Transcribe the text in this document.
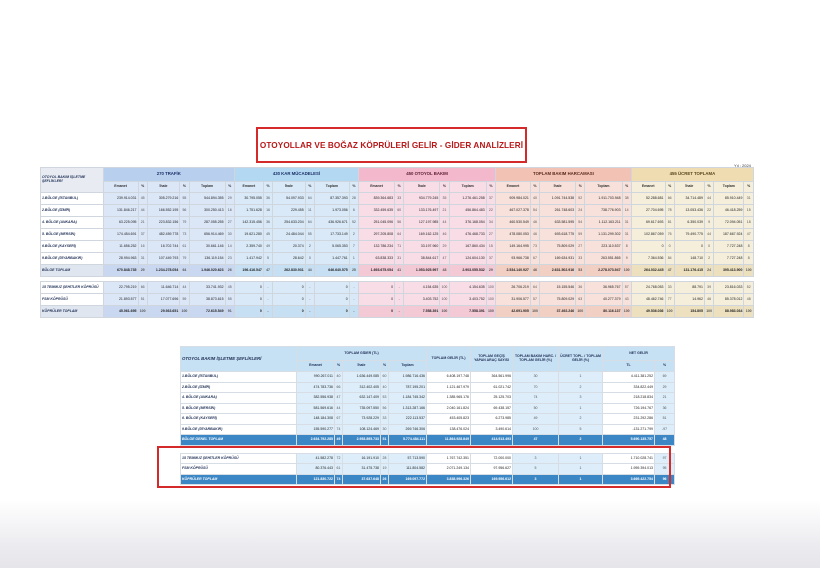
OTOYOLLAR VE BOĞAZ KÖPRÜLERİ GELİR - GİDER ANALİZLERİ
Yıl : 2024
OTOYOL BAKIM İŞLETME ŞEFLİKLERİ	270 TRAFİK						430 KAR MÜCADELESİ						450 OTOYOL BAKIM						TOPLAM BAKIM HARCAMASI						455 ÜCRET TOPLAMA					
	Emanet	%	İhale	%	Toplam	%	Emanet	%	İhale	%	Toplam	%	Emanet	%	İhale	%	Toplam	%	Emanet	%	İhale	%	Toplam	%	Emanet	%	İhale	%	Toplam	%
1.BÖLGE (İSTANBUL)	239.914.031	45	305.279.216	55	544.894.355	29	30.795.055	36	54.097.933	64	87.357.393	28	839.364.683	33	934.779.245	35	1.276.461.258	37	909.984.021	40	1.091.744.538	52	1.911.703.948	38	52.288.681	66	34.714.489	44	85.910.449	31
2.BÖLGE (İZMİR)	131.846.217	44	166.552.195	56	300.250.413	16	1.751.628	16	229.455	11	1.973.056	6	332.459.635	60	133.176.497	21	456.864.483	22	467.027.378	54	261.748.603	24	738.776.903	14	27.704.695	78	13.053.436	22	46.418.259	15
4. BÖLGE (ANKARA)	63.225.095	21	223.832.156	79	287.055.255	27	142.315.456	36	254.633.204	64	436.926.671	52	251.045.096	56	127.197.985	44	376.168.054	34	460.530.549	46	633.581.595	54	1.112.163.211	31	69.617.693	81	6.350.039	9	72.094.051	18
5. BÖLGE (MERSİN)	174.454.691	37	482.459.778	73	656.914.469	30	19.621.280	45	24.484.044	55	17.733.149	2	297.205.808	64	169.162.125	46	476.468.733	27	478.080.053	46	693.618.775	59	1.131.299.302	31	102.867.059	76	79.490.775	44	187.667.924	47
6.BÖLGE (KAYSERİ)	11.656.252	16	16.702.744	61	30.661.146	14	2.359.740	49	20.374	2	5.065.353	7	132.786.234	71	33.197.960	29	167.860.434	15	149.164.995	73	75.809.029	27	223.110.537	8	0	0	0	0	7.727.248	8
9.BÖLGE (DİYARBAKIR)	28.994.963	31	107.449.793	79	136.119.154	23	1.417.942	5	28.642	0	1.447.761	1	63.838.333	31	38.844.617	47	124.604.130	37	93.966.738	67	169.634.931	33	263.551.865	9	7.364.536	84	148.710	2	7.727.248	8
BÖLGE TOPLAM	670.848.735	29	1.234.278.054	64	1.946.020.623	26	196.416.547	47	262.830.931	44	646.640.575	25	1.693.675.054	41	1.053.925.997	48	2.903.055.532	29	2.534.140.927	46	2.631.502.916	53	2.278.073.947	100	264.032.445	47	131.176.415	24	395.413.900	100

15 TEMMUZ ŞEHİTLER KÖPRÜSÜ	22.795.219	66	11.646.714	44	33.741.932	45	0	-	0	-	0	-	0	-	4.154.635	100	4.154.635	100	26.706.219	64	15.155.546	36	36.965.767	57	24.768.053	33	88.791	39	23.816.033	52
FSM KÖPRÜSÜ	21.893.577	51	17.077.696	59	38.873.615	55	0	-	0	-	0	-	0	-	3.403.752	100	3.403.752	100	31.906.577	57	75.809.029	63	40.277.379	43	48.462.746	77	14.962	46	85.378.012	48
KÖPRÜLER TOPLAM	45.061.695	100	29.933.651	100	72.615.549	91	0	-	0	-	0	-	0	-	7.558.391	100	7.558.391	100	42.691.905	100	37.492.246	100	80.116.137	100	49.536.036	100	154.805	100	88.983.034	100
OTOYOL BAKIM İŞLETME ŞEFLİKLERİ	TOPLAM GİDER (TL)					TOPLAM GELİR (TL)	TOPLAM GEÇİŞ YAPAN ARAÇ SAYISI	TOPLAM BAKIM HARC. / TOPLAM GELİR (%)	ÜCRET TOPL. / TOPLAM GELİR (%)	NET GELİR	
	Emanet	%	İhale	%	Toplam					TL	%
1.BÖLGE (İSTANBUL)	990.267.011	40	1.636.449.085	60	1.986.716.436	6.408.197.748	364.561.996	30	1	4.411.381.252	69
2.BÖLGE (İZMİR)	474.783.736	66	312.402.405	40	787.195.201	1.121.467.979	61.021.742	70	2	334.822.449	29
4. BÖLGE (ANKARA)	382.556.938	47	632.147.409	53	1.184.745.342	1.385.965.176	25.125.703	74	3	218.218.834	21
5. BÖLGE (MERSİN)	581.569.616	44	735.097.550	56	1.313.287.166	2.040.161.824	69.438.157	50	1	726.194.767	36
6. BÖLGE (KAYSERİ)	148.184.308	67	73.928.229	33	222.113.537	453.405.823	6.273.985	49	2	231.292.286	51
9.BÖLGE (DİYARBAKIR)	155.590.277	74	108.124.469	30	269.746.306	138.476.024	3.490.614	100	5	-131.271.799	-97
BÖLGE GENEL TOPLAM	2.634.792.285	49	2.953.895.733	51	5.774.484.111	11.864.928.849	414.913.493	47	2	5.690.135.757	48

15 TEMMUZ ŞEHİTLER KÖPRÜSÜ	41.582.278	72	16.191.910	28	57.713.590	1.767.742.351	72.000.000	3	1	1.710.028.741	97
FSM KÖPRÜSÜ	80.376.443	61	31.475.738	19	111.804.582	2.071.249.134	97.956.627	5	1	1.959.394.013	95
KÖPRÜLER TOPLAM	121.830.722	74	37.637.648	26	169.097.772	3.838.996.326	169.956.612	3	1	3.669.422.754	96
